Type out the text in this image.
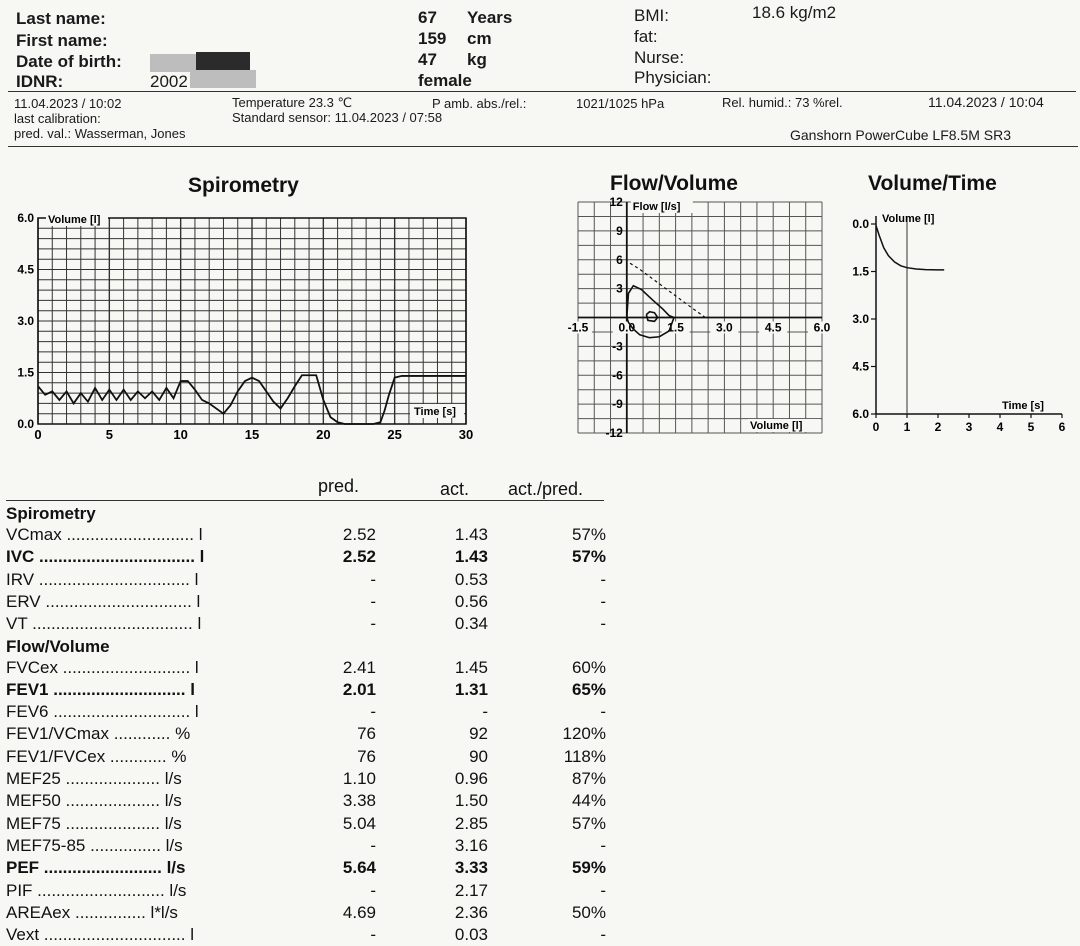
Last name:
First name:
Date of birth:
IDNR:	2002
67 Years
159 cm
47 kg
female
BMI:	18.6 kg/m2
fat:
Nurse:
Physician:
11.04.2023 / 10:02
last calibration:
pred. val.: Wasserman, Jones
Temperature 23.3 ℃
Standard sensor: 11.04.2023 / 07:58
P amb. abs./rel.:	1021/1025 hPa	Rel. humid.: 73 %rel.	11.04.2023 / 10:04
Ganshorn PowerCube LF8.5M SR3
Spirometry	Flow/Volume	Volume/Time
0	5	10	15	20	25	30
0.0
1.5
3.0
4.5
6.0 Volume [l]
Time [s]
-1.5	0.0	1.5	3.0	4.5	6.0
12
9
6
3
-3
-6
-9
-12
Flow [l/s]
Volume [l]
0.0
1.5
3.0
4.5
6.0
0 1 2 3 4 5 6
Volume [l]
Time [s]
pred.	act. act./pred.
Spirometry
VCmax ........................... l	2.52	1.43	57%
IVC ................................. l	2.52	1.43	57%
IRV ................................ l	-	0.53	-
ERV ............................... l	-	0.56	-
VT .................................. l	-	0.34	-
Flow/Volume
FVCex ........................... l	2.41	1.45	60%
FEV1 ............................ l	2.01	1.31	65%
FEV6 ............................. l	-	-	-
FEV1/VCmax ............ %	76	92	120%
FEV1/FVCex ............ %	76	90	118%
MEF25 .................... l/s	1.10	0.96	87%
MEF50 .................... l/s	3.38	1.50	44%
MEF75 .................... l/s	5.04	2.85	57%
MEF75-85 ............... l/s	-	3.16	-
PEF ......................... l/s	5.64	3.33	59%
PIF ........................... l/s	-	2.17	-
AREAex ............... l*l/s	4.69	2.36	50%
Vext .............................. l	-	0.03	-
